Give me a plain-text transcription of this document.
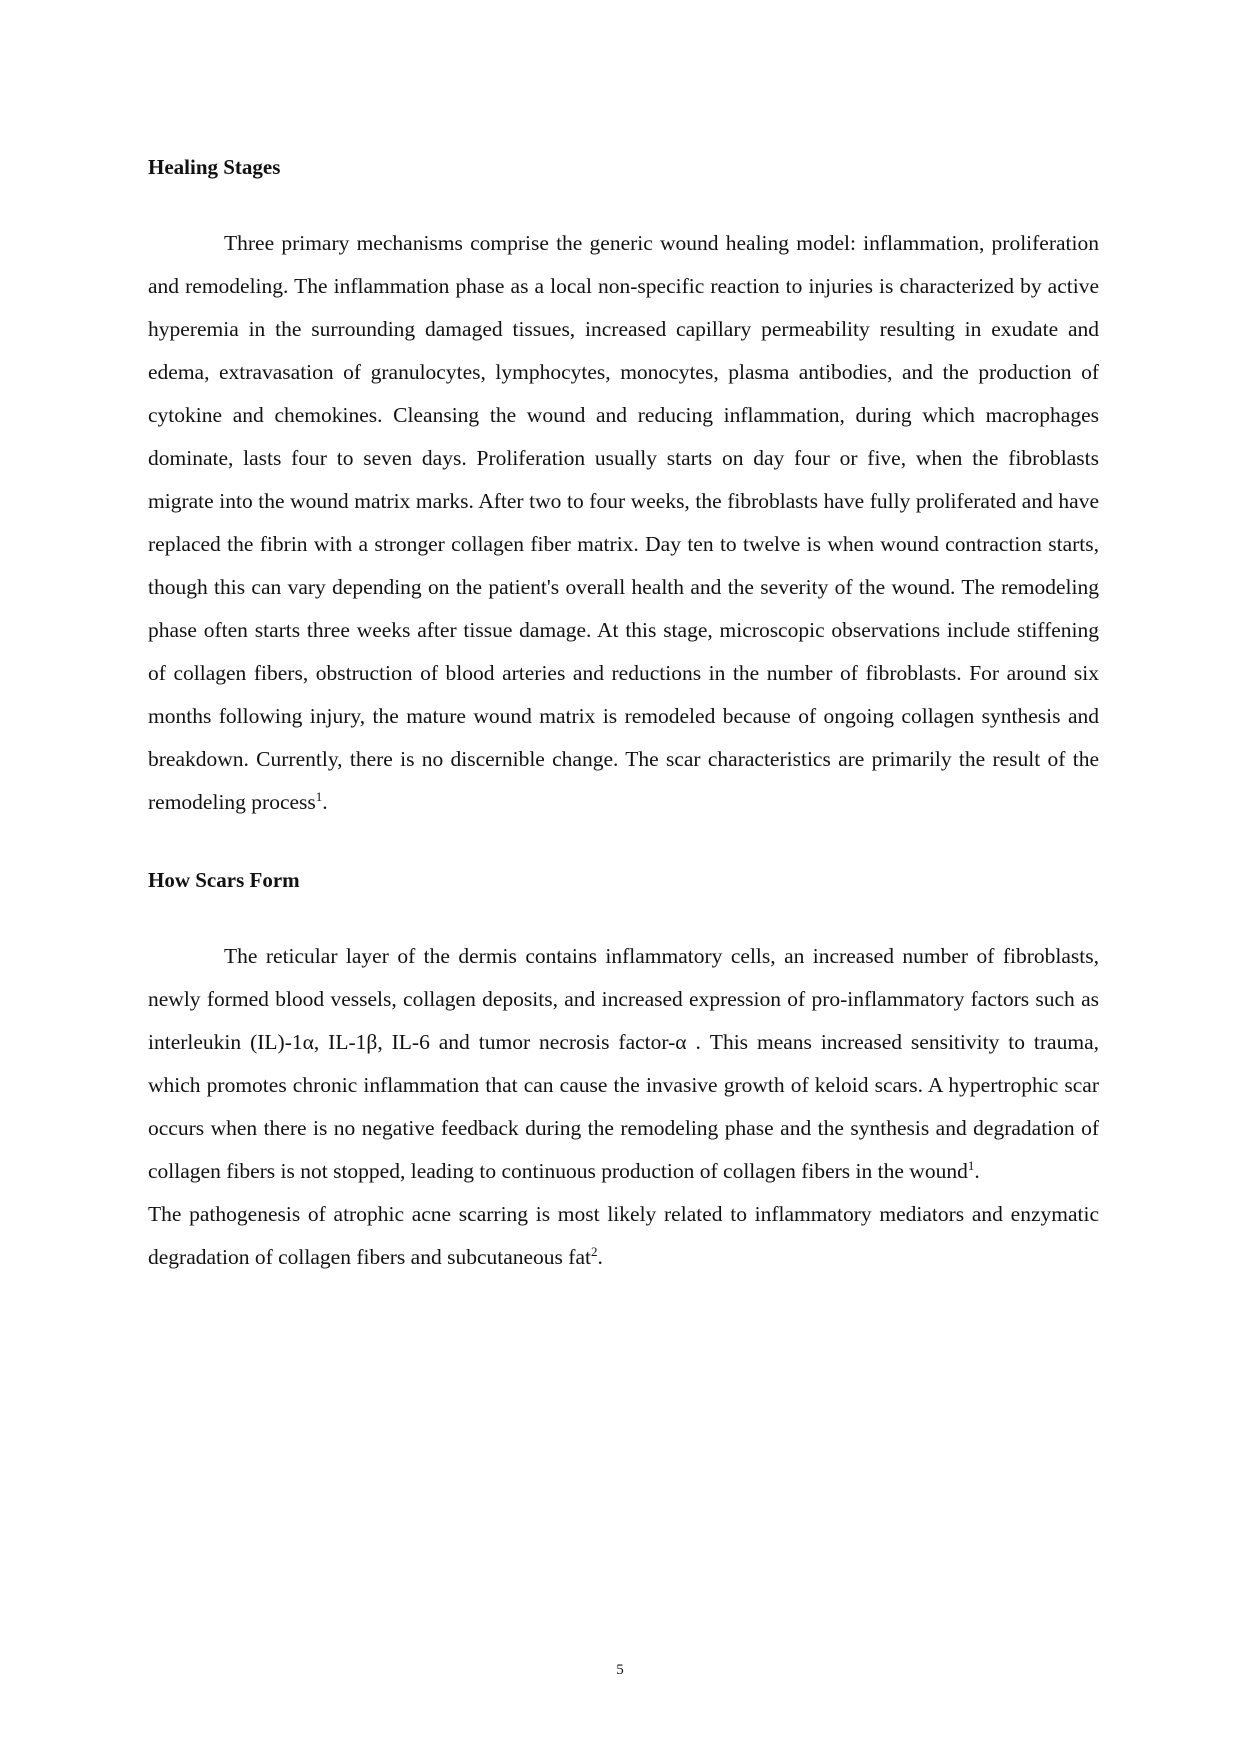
Healing Stages

Three primary mechanisms comprise the generic wound healing model: inflammation, proliferation and remodeling. The inflammation phase as a local non-specific reaction to injuries is characterized by active hyperemia in the surrounding damaged tissues, increased capillary permeability resulting in exudate and edema, extravasation of granulocytes, lymphocytes, monocytes, plasma antibodies, and the production of cytokine and chemokines. Cleansing the wound and reducing inflammation, during which macrophages dominate, lasts four to seven days. Proliferation usually starts on day four or five, when the fibroblasts migrate into the wound matrix marks. After two to four weeks, the fibroblasts have fully proliferated and have replaced the fibrin with a stronger collagen fiber matrix. Day ten to twelve is when wound contraction starts, though this can vary depending on the patient's overall health and the severity of the wound. The remodeling phase often starts three weeks after tissue damage. At this stage, microscopic observations include stiffening of collagen fibers, obstruction of blood arteries and reductions in the number of fibroblasts. For around six months following injury, the mature wound matrix is remodeled because of ongoing collagen synthesis and breakdown. Currently, there is no discernible change. The scar characteristics are primarily the result of the remodeling process$^1$.

How Scars Form

The reticular layer of the dermis contains inflammatory cells, an increased number of fibroblasts, newly formed blood vessels, collagen deposits, and increased expression of pro-inflammatory factors such as interleukin (IL)-1α, IL-1β, IL-6 and tumor necrosis factor-α . This means increased sensitivity to trauma, which promotes chronic inflammation that can cause the invasive growth of keloid scars. A hypertrophic scar occurs when there is no negative feedback during the remodeling phase and the synthesis and degradation of collagen fibers is not stopped, leading to continuous production of collagen fibers in the wound$^1$.

The pathogenesis of atrophic acne scarring is most likely related to inflammatory mediators and enzymatic degradation of collagen fibers and subcutaneous fat$^2$.

5
